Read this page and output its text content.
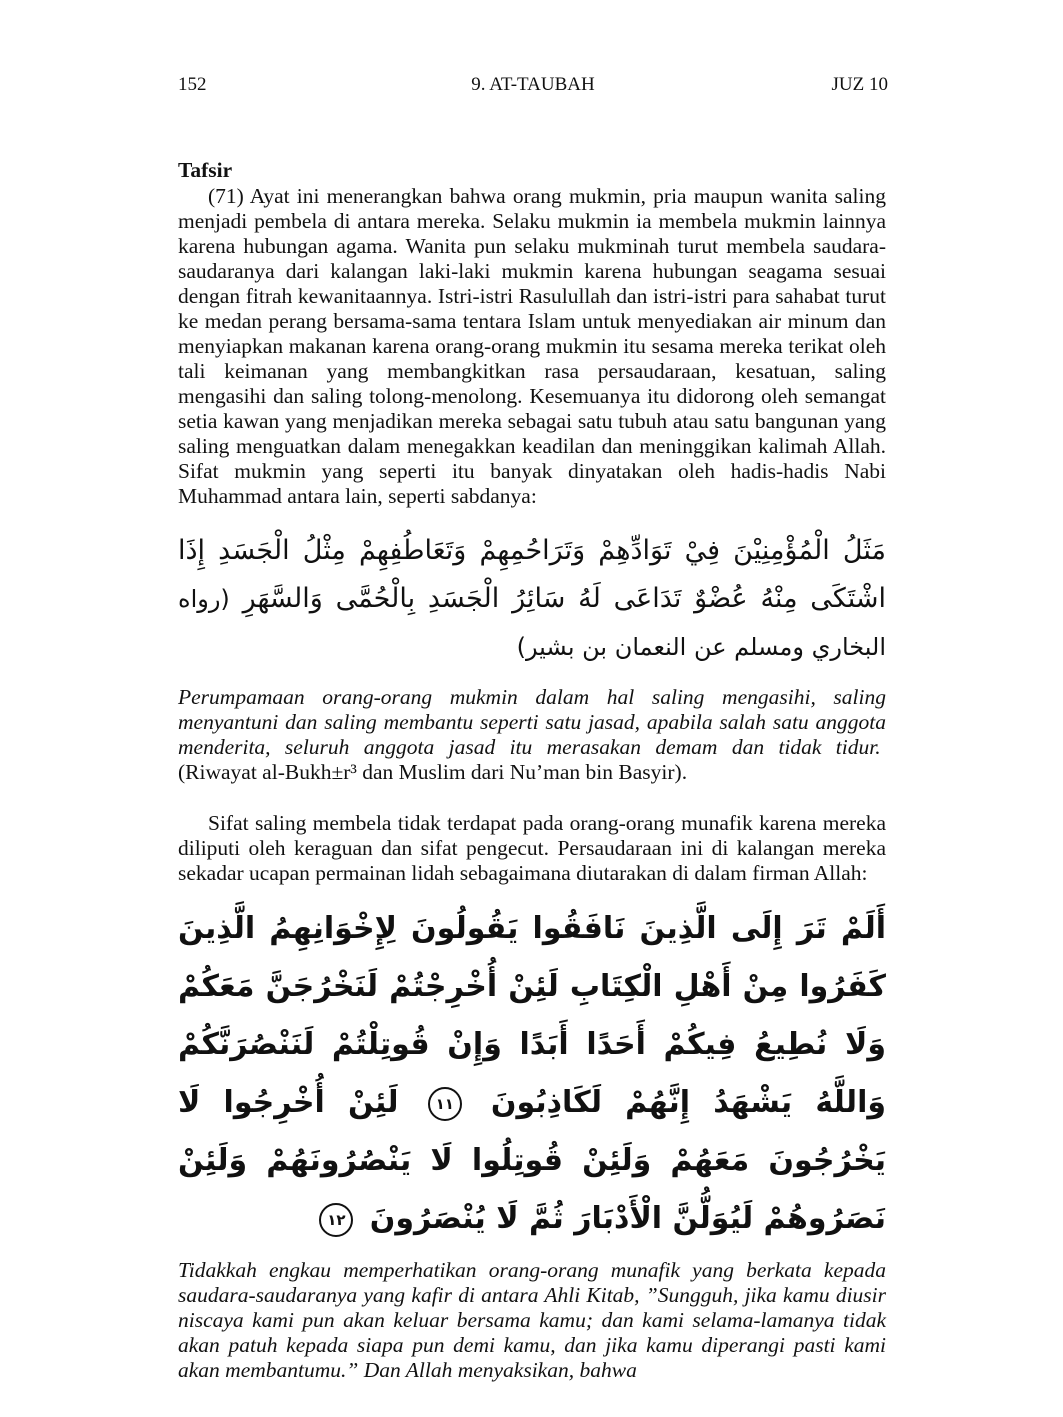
152	9. AT-TAUBAH	JUZ 10
Tafsir

(71) Ayat ini menerangkan bahwa orang mukmin, pria maupun wanita saling menjadi pembela di antara mereka. Selaku mukmin ia membela mukmin lainnya karena hubungan agama. Wanita pun selaku mukminah turut membela saudara-saudaranya dari kalangan laki-laki mukmin karena hubungan seagama sesuai dengan fitrah kewanitaannya. Istri-istri Rasulullah dan istri-istri para sahabat turut ke medan perang bersama-sama tentara Islam untuk menyediakan air minum dan menyiapkan makanan karena orang-orang mukmin itu sesama mereka terikat oleh tali keimanan yang membangkitkan rasa persaudaraan, kesatuan, saling mengasihi dan saling tolong-menolong. Kesemuanya itu didorong oleh semangat setia kawan yang menjadikan mereka sebagai satu tubuh atau satu bangunan yang saling menguatkan dalam menegakkan keadilan dan meninggikan kalimah Allah. Sifat mukmin yang seperti itu banyak dinyatakan oleh hadis-hadis Nabi Muhammad antara lain, seperti sabdanya:

مَثَلُ الْمُؤْمِنِيْنَ فِيْ تَوَادِّهِمْ وَتَرَاحُمِهِمْ وَتَعَاطُفِهِمْ مِثْلُ الْجَسَدِ إِذَا اشْتَكَى مِنْهُ عُضْوٌ تَدَاعَى لَهُ سَائِرُ الْجَسَدِ بِالْحُمَّى وَالسَّهَرِ (رواه البخاري ومسلم عن النعمان بن بشير)

Perumpamaan orang-orang mukmin dalam hal saling mengasihi, saling menyantuni dan saling membantu seperti satu jasad, apabila salah satu anggota menderita, seluruh anggota jasad itu merasakan demam dan tidak tidur.  (Riwayat al-Bukh±r³ dan Muslim dari Nu’man bin Basyir).

Sifat saling membela tidak terdapat pada orang-orang munafik karena mereka diliputi oleh keraguan dan sifat pengecut. Persaudaraan ini di kalangan mereka sekadar ucapan permainan lidah sebagaimana diutarakan di dalam firman Allah:

أَلَمْ تَرَ إِلَى الَّذِينَ نَافَقُوا يَقُولُونَ لِإِخْوَانِهِمُ الَّذِينَ كَفَرُوا مِنْ أَهْلِ الْكِتَابِ لَئِنْ أُخْرِجْتُمْ لَنَخْرُجَنَّ مَعَكُمْ وَلَا نُطِيعُ فِيكُمْ أَحَدًا أَبَدًا وَإِنْ قُوتِلْتُمْ لَنَنْصُرَنَّكُمْ وَاللَّهُ يَشْهَدُ إِنَّهُمْ لَكَاذِبُونَ ١١ لَئِنْ أُخْرِجُوا لَا يَخْرُجُونَ مَعَهُمْ وَلَئِنْ قُوتِلُوا لَا يَنْصُرُونَهُمْ وَلَئِنْ نَصَرُوهُمْ لَيُوَلُّنَّ الْأَدْبَارَ ثُمَّ لَا يُنْصَرُونَ ١٢

Tidakkah engkau memperhatikan orang-orang munafik yang berkata kepada saudara-saudaranya yang kafir di antara Ahli Kitab, ”Sungguh, jika kamu diusir niscaya kami pun akan keluar bersama kamu; dan kami selama-lamanya tidak akan patuh kepada siapa pun demi kamu, dan jika kamu diperangi pasti kami akan membantumu.” Dan Allah menyaksikan, bahwa
